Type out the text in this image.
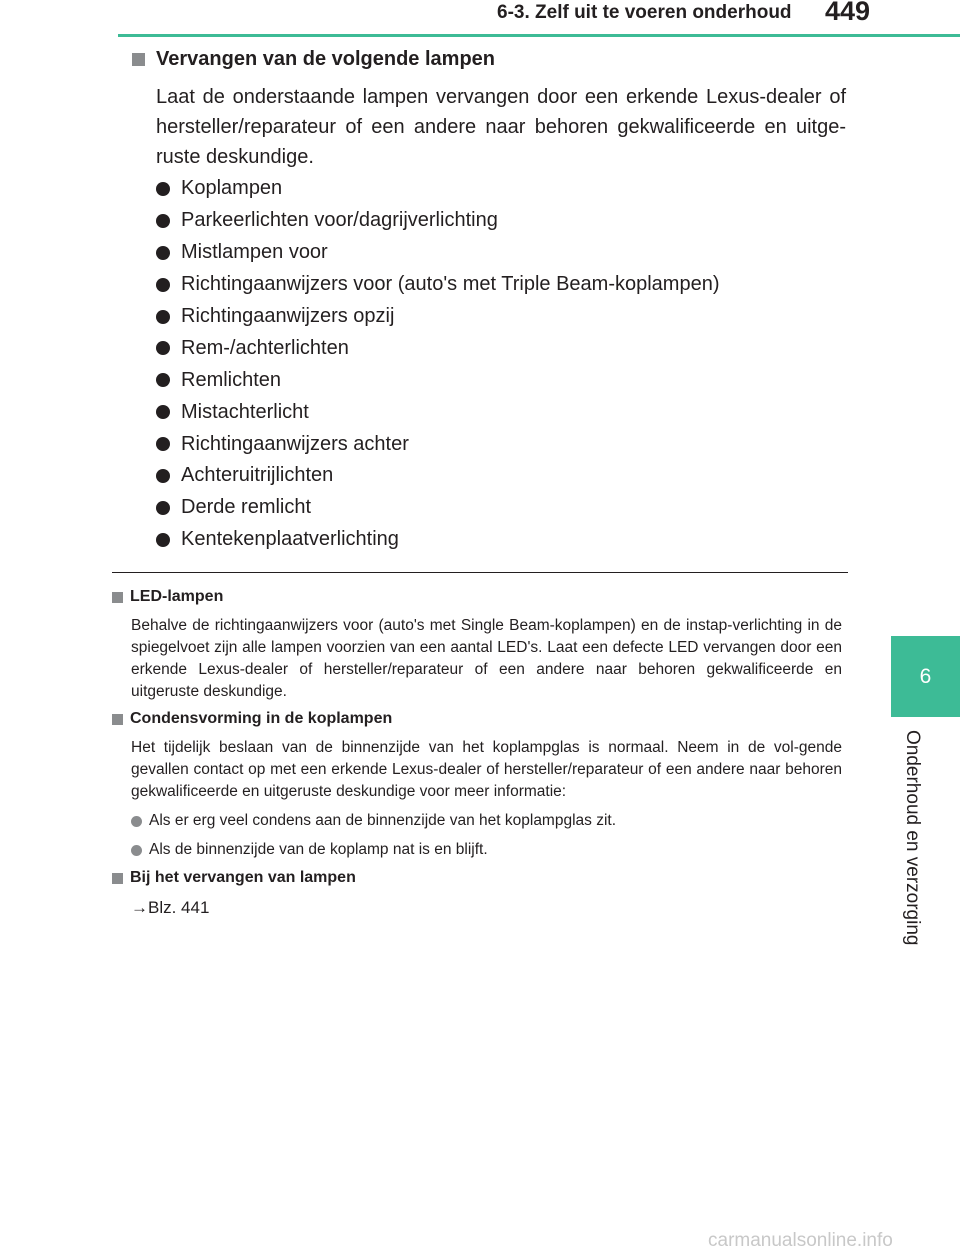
6-3. Zelf uit te voeren onderhoud 449
6
Onderhoud en verzorging
Vervangen van de volgende lampen
Laat de onderstaande lampen vervangen door een erkende Lexus-dealer of hersteller/reparateur of een andere naar behoren gekwalificeerde en uitge-ruste deskundige.
Koplampen
Parkeerlichten voor/dagrijverlichting
Mistlampen voor
Richtingaanwijzers voor (auto's met Triple Beam-koplampen)
Richtingaanwijzers opzij
Rem-/achterlichten
Remlichten
Mistachterlicht
Richtingaanwijzers achter
Achteruitrijlichten
Derde remlicht
Kentekenplaatverlichting
LED-lampen
Behalve de richtingaanwijzers voor (auto's met Single Beam-koplampen) en de instap-verlichting in de spiegelvoet zijn alle lampen voorzien van een aantal LED's. Laat een defecte LED vervangen door een erkende Lexus-dealer of hersteller/reparateur of een andere naar behoren gekwalificeerde en uitgeruste deskundige.
Condensvorming in de koplampen
Het tijdelijk beslaan van de binnenzijde van het koplampglas is normaal. Neem in de vol-gende gevallen contact op met een erkende Lexus-dealer of hersteller/reparateur of een andere naar behoren gekwalificeerde en uitgeruste deskundige voor meer informatie:
Als er erg veel condens aan de binnenzijde van het koplampglas zit.
Als de binnenzijde van de koplamp nat is en blijft.
Bij het vervangen van lampen
→Blz. 441
carmanualsonline.info
